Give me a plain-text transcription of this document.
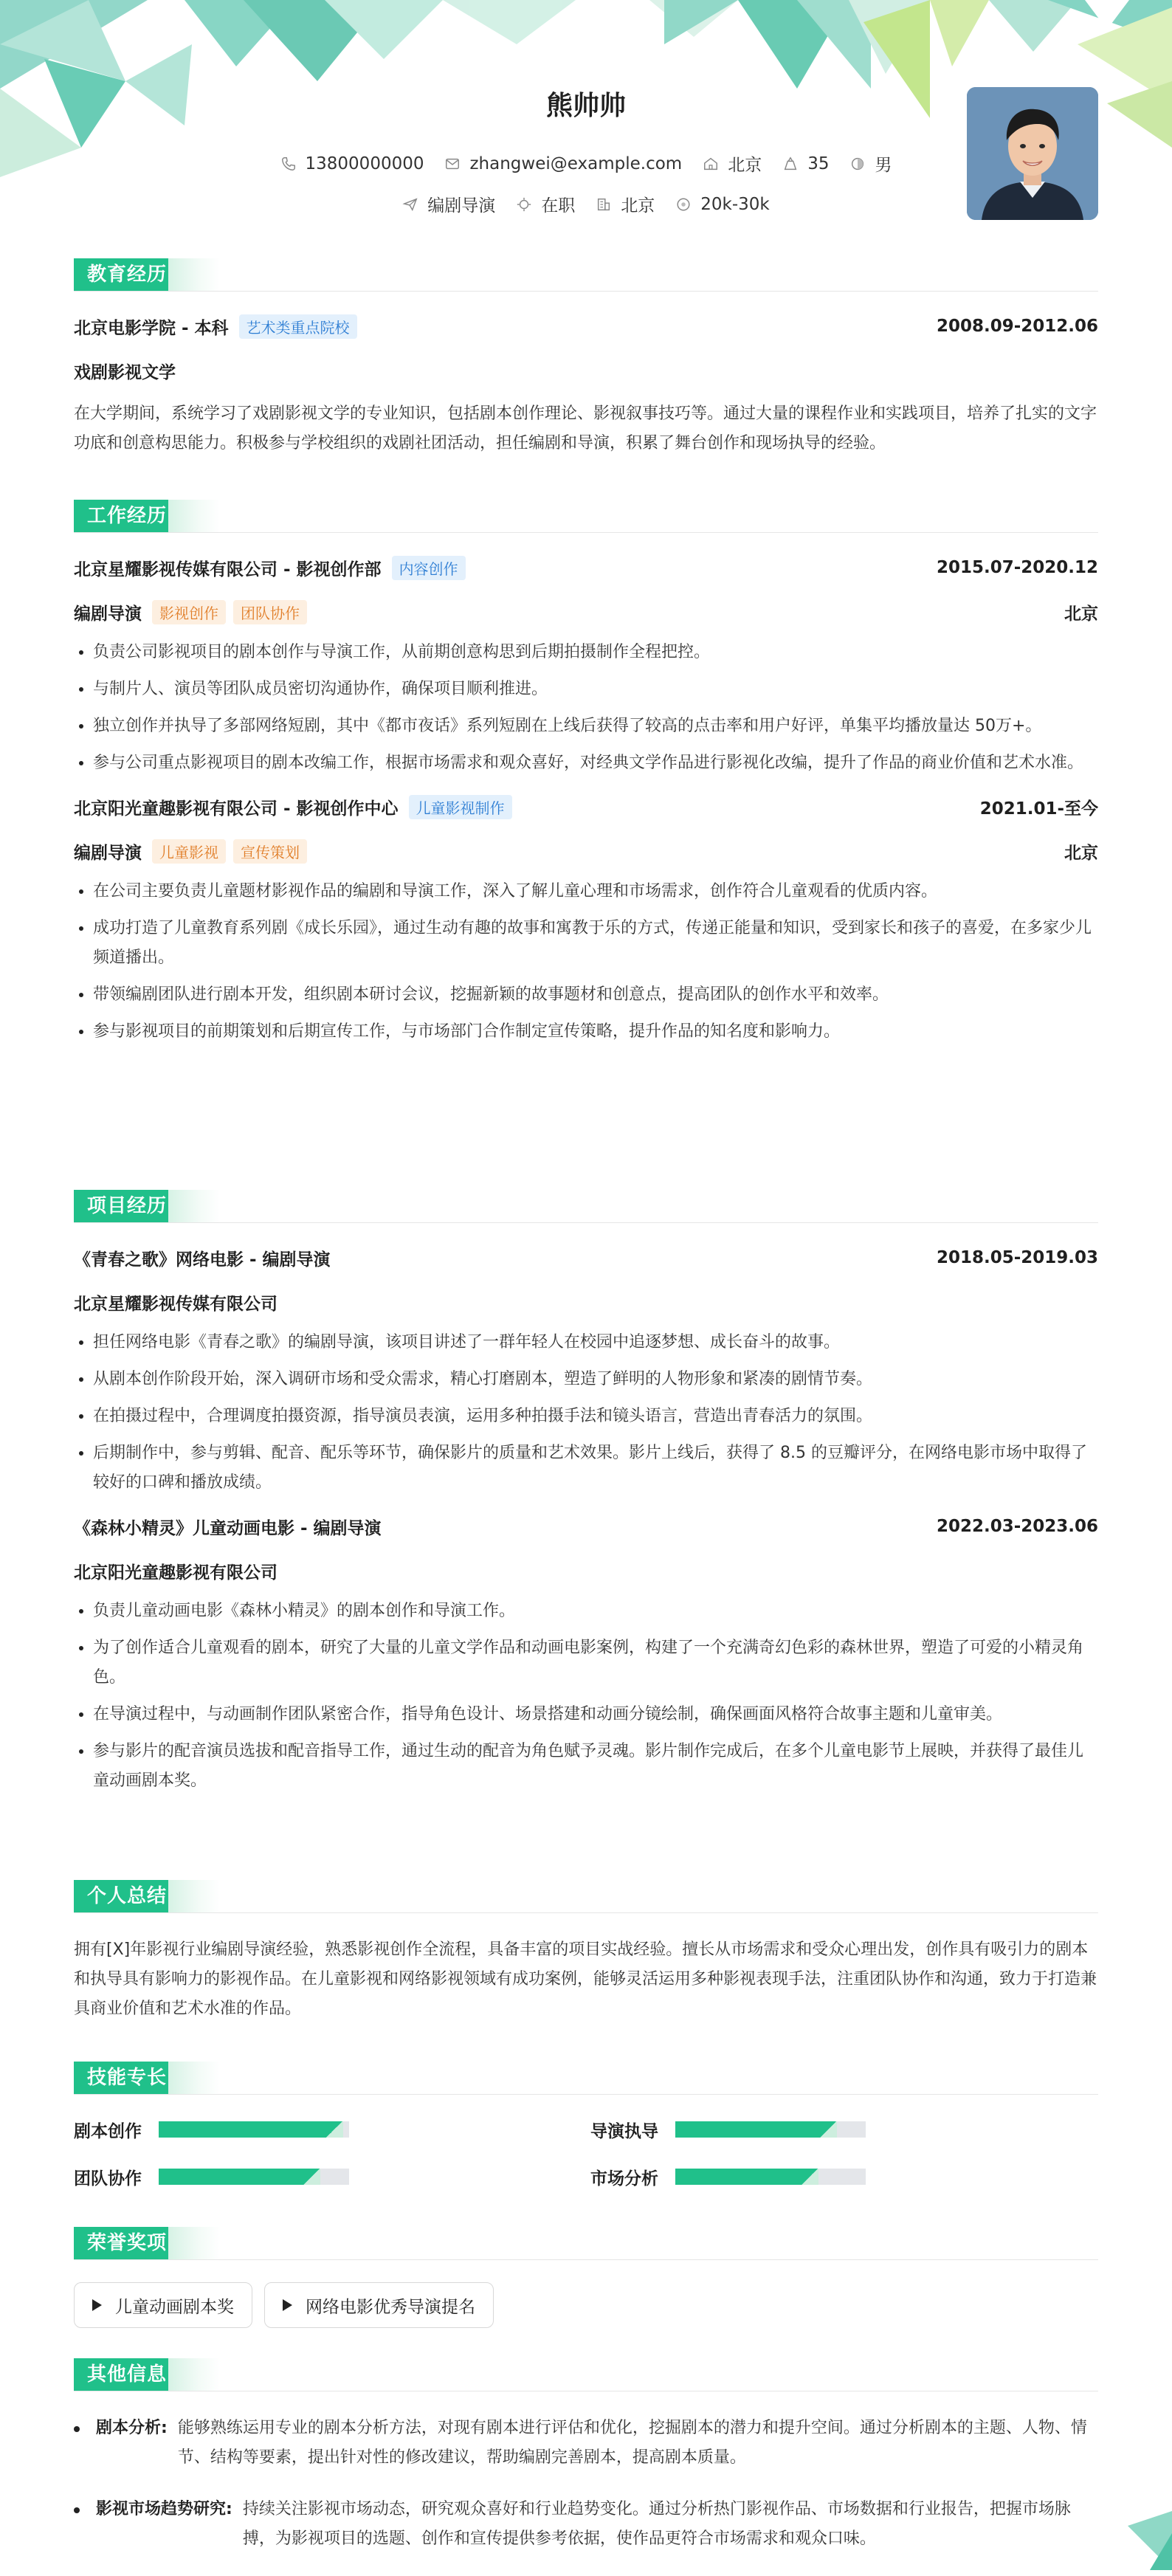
熊帅帅
13800000000	zhangwei@example.com	北京	35	男
编剧导演	在职	北京	20k-30k
教育经历
北京电影学院 - 本科	艺术类重点院校	2008.09-2012.06
戏剧影视文学
在大学期间，系统学习了戏剧影视文学的专业知识，包括剧本创作理论、影视叙事技巧等。通过大量的课程作业和实践项目，培养了扎实的文字功底和创意构思能力。积极参与学校组织的戏剧社团活动，担任编剧和导演，积累了舞台创作和现场执导的经验。
工作经历
北京星耀影视传媒有限公司 - 影视创作部	内容创作	2015.07-2020.12
编剧导演	影视创作	团队协作	北京
• 负责公司影视项目的剧本创作与导演工作，从前期创意构思到后期拍摄制作全程把控。
• 与制片人、演员等团队成员密切沟通协作，确保项目顺利推进。
• 独立创作并执导了多部网络短剧，其中《都市夜话》系列短剧在上线后获得了较高的点击率和用户好评，单集平均播放量达 50万+。
• 参与公司重点影视项目的剧本改编工作，根据市场需求和观众喜好，对经典文学作品进行影视化改编，提升了作品的商业价值和艺术水准。
北京阳光童趣影视有限公司 - 影视创作中心	儿童影视制作	2021.01-至今
编剧导演	儿童影视	宣传策划	北京
• 在公司主要负责儿童题材影视作品的编剧和导演工作，深入了解儿童心理和市场需求，创作符合儿童观看的优质内容。
• 成功打造了儿童教育系列剧《成长乐园》，通过生动有趣的故事和寓教于乐的方式，传递正能量和知识，受到家长和孩子的喜爱，在多家少儿频道播出。
• 带领编剧团队进行剧本开发，组织剧本研讨会议，挖掘新颖的故事题材和创意点，提高团队的创作水平和效率。
• 参与影视项目的前期策划和后期宣传工作，与市场部门合作制定宣传策略，提升作品的知名度和影响力。
项目经历
《青春之歌》网络电影 - 编剧导演	2018.05-2019.03
北京星耀影视传媒有限公司
• 担任网络电影《青春之歌》的编剧导演，该项目讲述了一群年轻人在校园中追逐梦想、成长奋斗的故事。
• 从剧本创作阶段开始，深入调研市场和受众需求，精心打磨剧本，塑造了鲜明的人物形象和紧凑的剧情节奏。
• 在拍摄过程中，合理调度拍摄资源，指导演员表演，运用多种拍摄手法和镜头语言，营造出青春活力的氛围。
• 后期制作中，参与剪辑、配音、配乐等环节，确保影片的质量和艺术效果。影片上线后，获得了 8.5 的豆瓣评分，在网络电影市场中取得了较好的口碑和播放成绩。
《森林小精灵》儿童动画电影 - 编剧导演	2022.03-2023.06
北京阳光童趣影视有限公司
• 负责儿童动画电影《森林小精灵》的剧本创作和导演工作。
• 为了创作适合儿童观看的剧本，研究了大量的儿童文学作品和动画电影案例，构建了一个充满奇幻色彩的森林世界，塑造了可爱的小精灵角色。
• 在导演过程中，与动画制作团队紧密合作，指导角色设计、场景搭建和动画分镜绘制，确保画面风格符合故事主题和儿童审美。
• 参与影片的配音演员选拔和配音指导工作，通过生动的配音为角色赋予灵魂。影片制作完成后，在多个儿童电影节上展映，并获得了最佳儿童动画剧本奖。
个人总结
拥有[X]年影视行业编剧导演经验，熟悉影视创作全流程，具备丰富的项目实战经验。擅长从市场需求和受众心理出发，创作具有吸引力的剧本和执导具有影响力的影视作品。在儿童影视和网络影视领域有成功案例，能够灵活运用多种影视表现手法，注重团队协作和沟通，致力于打造兼具商业价值和艺术水准的作品。
技能专长
剧本创作	导演执导
团队协作	市场分析
荣誉奖项
儿童动画剧本奖	网络电影优秀导演提名
其他信息
剧本分析: 能够熟练运用专业的剧本分析方法，对现有剧本进行评估和优化，挖掘剧本的潜力和提升空间。通过分析剧本的主题、人物、情节、结构等要素，提出针对性的修改建议，帮助编剧完善剧本，提高剧本质量。
影视市场趋势研究: 持续关注影视市场动态，研究观众喜好和行业趋势变化。通过分析热门影视作品、市场数据和行业报告，把握市场脉搏，为影视项目的选题、创作和宣传提供参考依据，使作品更符合市场需求和观众口味。
